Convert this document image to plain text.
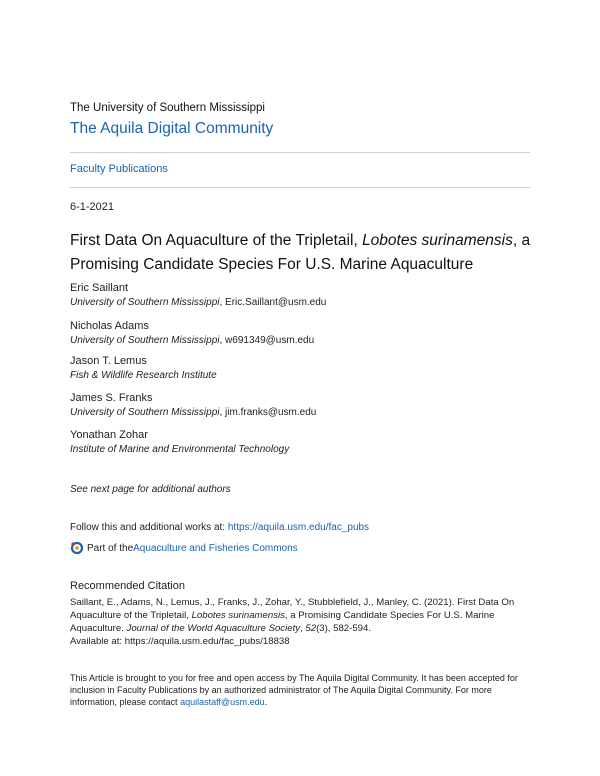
The University of Southern Mississippi
The Aquila Digital Community
Faculty Publications
6-1-2021
First Data On Aquaculture of the Tripletail, Lobotes surinamensis, a Promising Candidate Species For U.S. Marine Aquaculture
Eric Saillant
University of Southern Mississippi, Eric.Saillant@usm.edu
Nicholas Adams
University of Southern Mississippi, w691349@usm.edu
Jason T. Lemus
Fish & Wildlife Research Institute
James S. Franks
University of Southern Mississippi, jim.franks@usm.edu
Yonathan Zohar
Institute of Marine and Environmental Technology
See next page for additional authors
Follow this and additional works at: https://aquila.usm.edu/fac_pubs
Part of the Aquaculture and Fisheries Commons
Recommended Citation
Saillant, E., Adams, N., Lemus, J., Franks, J., Zohar, Y., Stubblefield, J., Manley, C. (2021). First Data On Aquaculture of the Tripletail, Lobotes surinamensis, a Promising Candidate Species For U.S. Marine Aquaculture. Journal of the World Aquaculture Society, 52(3), 582-594.
Available at: https://aquila.usm.edu/fac_pubs/18838
This Article is brought to you for free and open access by The Aquila Digital Community. It has been accepted for inclusion in Faculty Publications by an authorized administrator of The Aquila Digital Community. For more information, please contact aquilastaff@usm.edu.
